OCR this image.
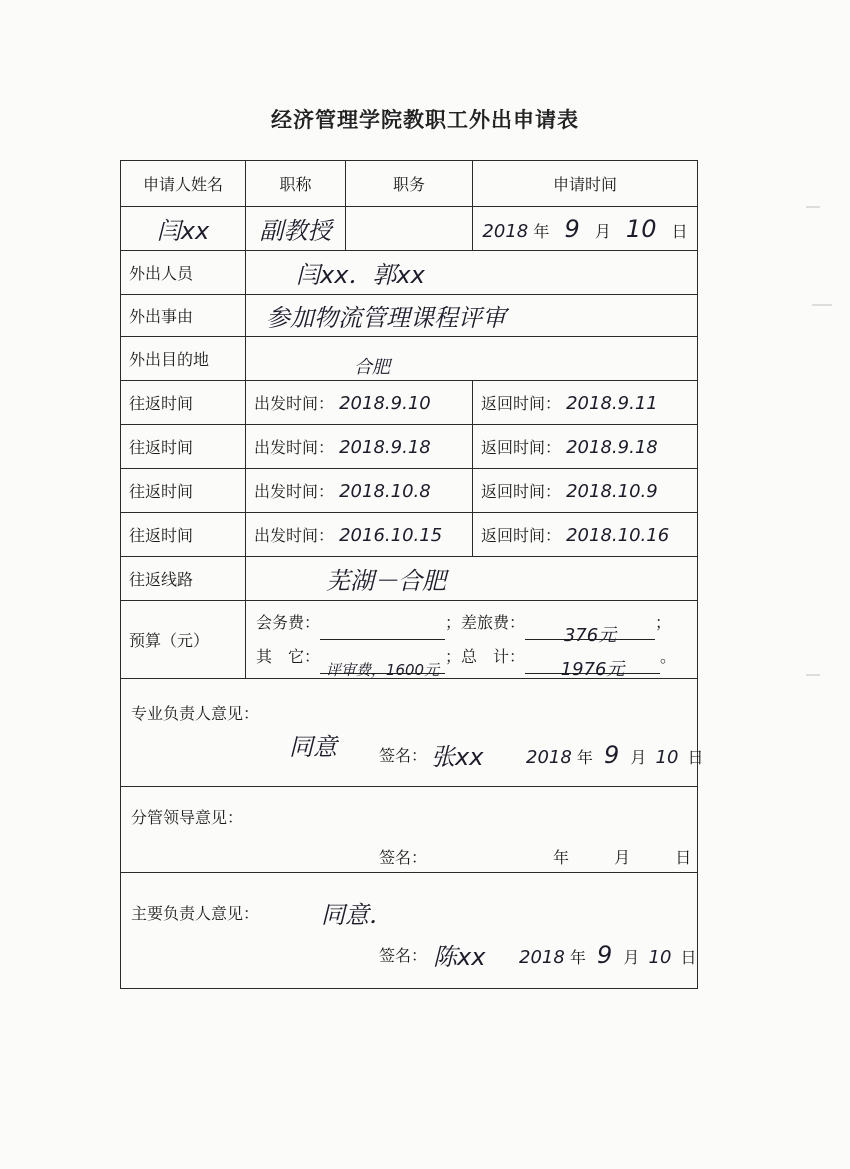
经济管理学院教职工外出申请表
申请人姓名	职称	职务	申请时间
闫xx	副教授		2018 年 9 月 10 日
外出人员	闫xx．郭xx		
外出事由	参加物流管理课程评审		
外出目的地	合肥		
往返时间	出发时间： 2018.9.10		返回时间： 2018.9.11
往返时间	出发时间： 2018.9.18		返回时间： 2018.9.18
往返时间	出发时间： 2018.10.8		返回时间： 2018.10.9
往返时间	出发时间： 2016.10.15		返回时间： 2018.10.16
往返线路	芜湖－合肥		
预算（元）	会务费： ；差旅费：376元；
其　它：评审费，1600元；总　计：1976元。		

专业负责人意见：
同意 签名： 张xx 2018 年 9 月 10 日			

分管领导意见：
签名： 年 月 日			

主要负责人意见： 同意．
签名： 陈xx 2018 年 9 月 10 日			
